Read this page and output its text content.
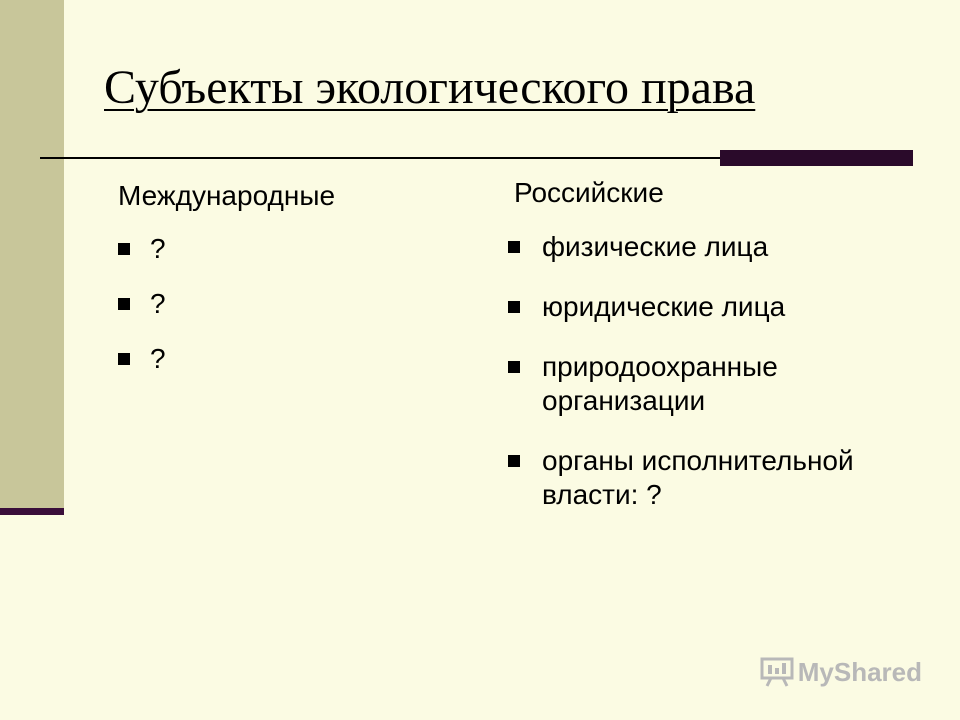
Субъекты экологического права
Международные
?
?
?
Российские
физические лица
юридические лица
природоохранные организации
органы исполнительной власти: ?
MyShared
